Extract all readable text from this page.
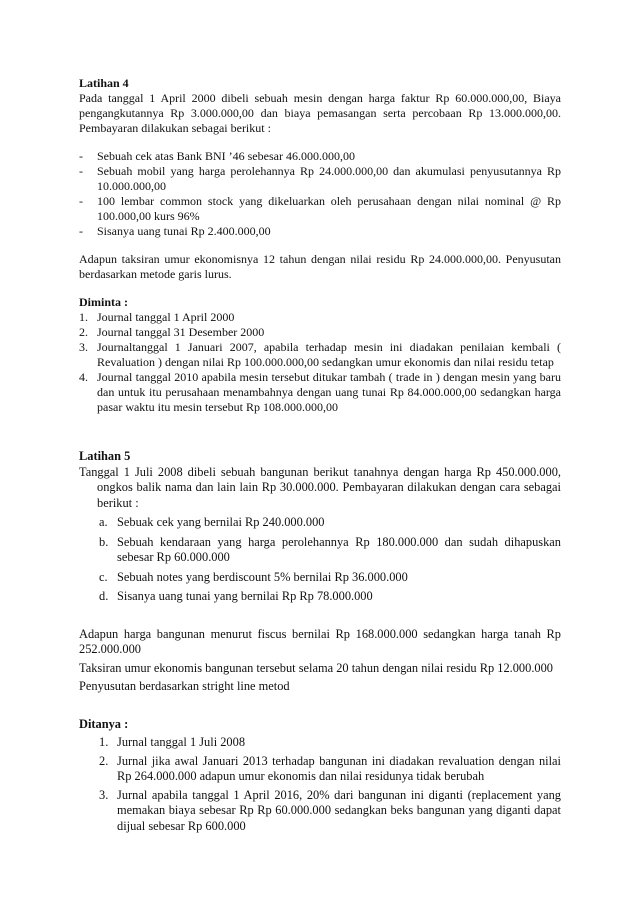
Latihan 4

Pada tanggal 1 April 2000 dibeli sebuah mesin dengan harga faktur Rp 60.000.000,00, Biaya pengangkutannya Rp 3.000.000,00 dan biaya pemasangan serta percobaan Rp 13.000.000,00. Pembayaran dilakukan sebagai berikut :

- Sebuah cek atas Bank BNI ’46 sebesar 46.000.000,00
- Sebuah mobil yang harga perolehannya Rp 24.000.000,00 dan akumulasi penyusutannya Rp 10.000.000,00
- 100 lembar common stock yang dikeluarkan oleh perusahaan dengan nilai nominal @ Rp 100.000,00 kurs 96%
- Sisanya uang tunai Rp 2.400.000,00

Adapun taksiran umur ekonomisnya 12 tahun dengan nilai residu Rp 24.000.000,00. Penyusutan berdasarkan metode garis lurus.

Diminta :
1. Journal tanggal 1 April 2000
2. Journal tanggal 31 Desember 2000
3. Journaltanggal 1 Januari 2007, apabila terhadap mesin ini diadakan penilaian kembali ( Revaluation ) dengan nilai Rp 100.000.000,00 sedangkan umur ekonomis dan nilai residu tetap
4. Journal tanggal 2010 apabila mesin tersebut ditukar tambah ( trade in ) dengan mesin yang baru dan untuk itu perusahaan menambahnya dengan uang tunai Rp 84.000.000,00 sedangkan harga pasar waktu itu mesin tersebut Rp 108.000.000,00
Latihan 5

Tanggal 1 Juli 2008 dibeli sebuah bangunan berikut tanahnya dengan harga Rp 450.000.000, ongkos balik nama dan lain lain Rp 30.000.000. Pembayaran dilakukan dengan cara sebagai berikut :

a. Sebuak cek yang bernilai Rp 240.000.000
b. Sebuah kendaraan yang harga perolehannya Rp 180.000.000 dan sudah dihapuskan sebesar Rp 60.000.000
c. Sebuah notes yang berdiscount 5% bernilai Rp 36.000.000
d. Sisanya uang tunai yang bernilai Rp Rp 78.000.000

Adapun harga bangunan menurut fiscus bernilai Rp 168.000.000 sedangkan harga tanah Rp 252.000.000

Taksiran umur ekonomis bangunan tersebut selama 20 tahun dengan nilai residu Rp 12.000.000

Penyusutan berdasarkan stright line metod

Ditanya :
1. Jurnal tanggal 1 Juli 2008
2. Jurnal jika awal Januari 2013 terhadap bangunan ini diadakan revaluation dengan nilai Rp 264.000.000 adapun umur ekonomis dan nilai residunya tidak berubah
3. Jurnal apabila tanggal 1 April 2016, 20% dari bangunan ini diganti (replacement yang memakan biaya sebesar Rp Rp 60.000.000 sedangkan beks bangunan yang diganti dapat dijual sebesar Rp 600.000
